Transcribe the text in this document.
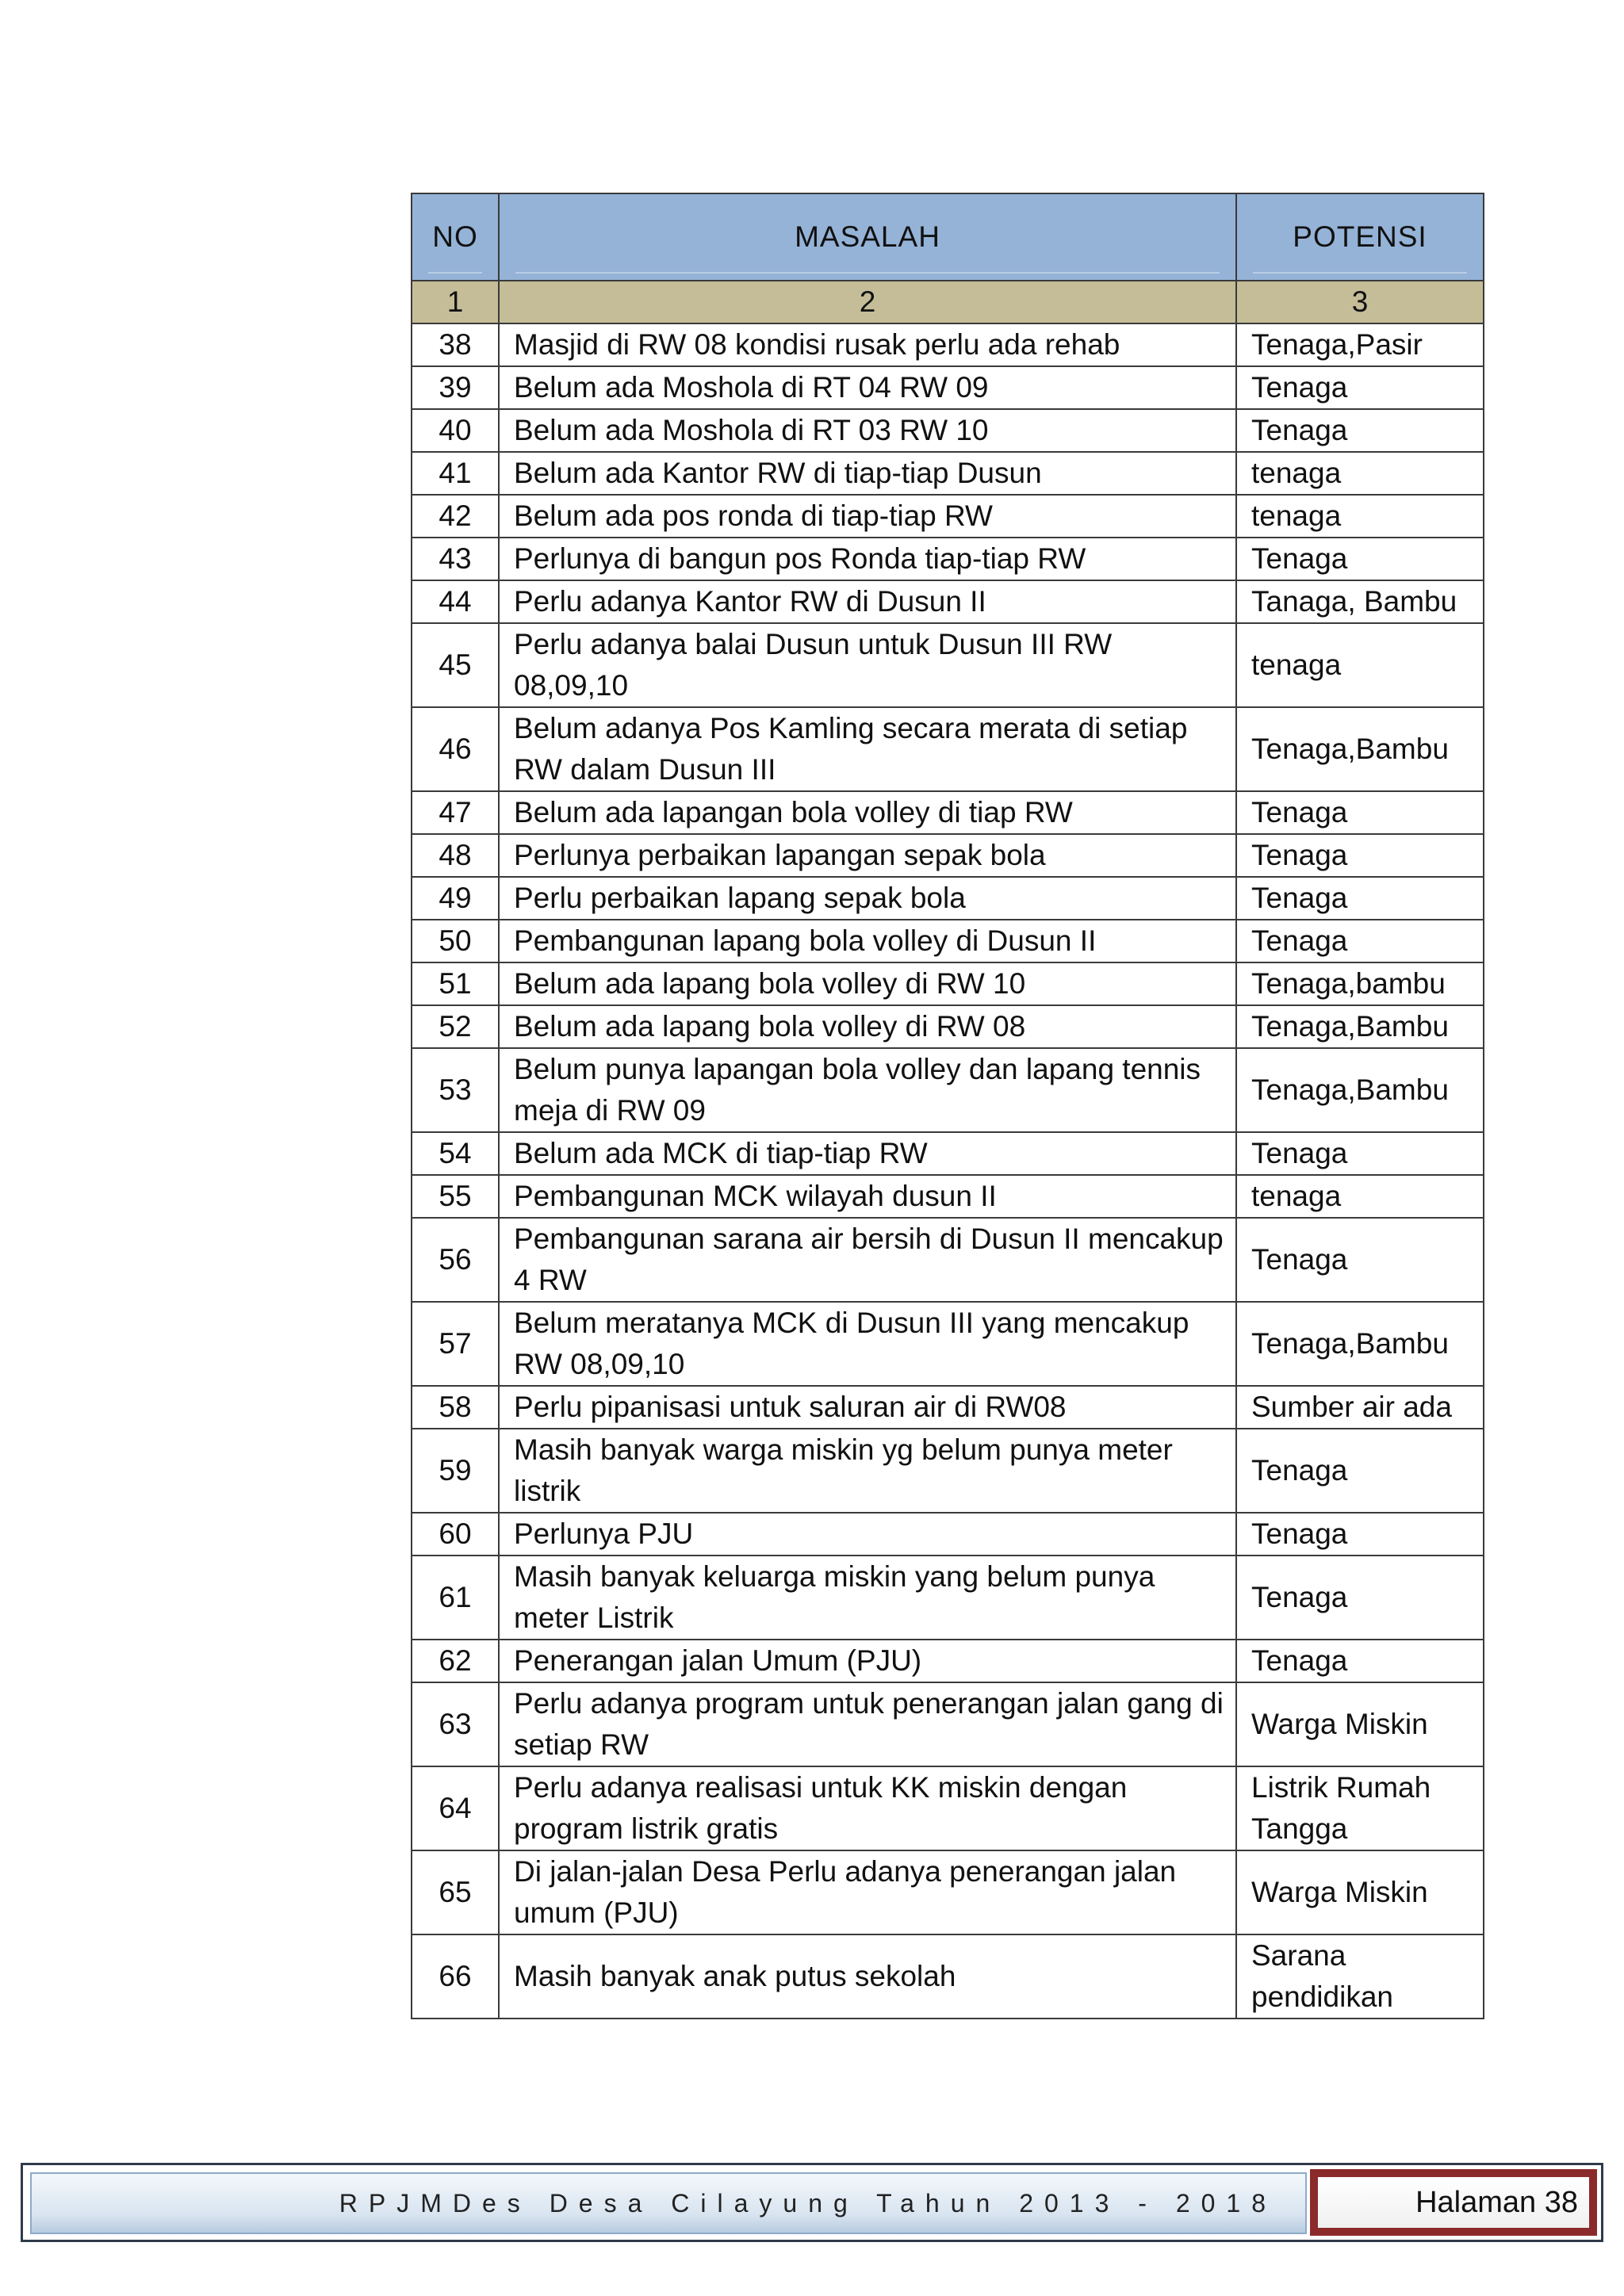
NO	MASALAH	POTENSI

1	2	3
38	Masjid di RW 08 kondisi rusak perlu ada rehab	Tenaga,Pasir
39	Belum ada Moshola di RT 04 RW 09	Tenaga
40	Belum ada Moshola di RT 03 RW 10	Tenaga
41	Belum ada Kantor RW di tiap-tiap Dusun	tenaga
42	Belum ada pos ronda di tiap-tiap RW	tenaga
43	Perlunya di bangun pos Ronda tiap-tiap RW	Tenaga
44	Perlu adanya Kantor RW di Dusun II	Tanaga, Bambu
45	Perlu adanya balai Dusun untuk Dusun III RW 08,09,10	tenaga
46	Belum adanya Pos Kamling secara merata di setiap RW dalam Dusun III	Tenaga,Bambu
47	Belum ada lapangan bola volley di tiap RW	Tenaga
48	Perlunya perbaikan lapangan sepak bola	Tenaga
49	Perlu perbaikan lapang sepak bola	Tenaga
50	Pembangunan lapang bola volley di Dusun II	Tenaga
51	Belum ada lapang bola volley di RW 10	Tenaga,bambu
52	Belum ada lapang bola volley di RW 08	Tenaga,Bambu
53	Belum punya lapangan bola volley dan lapang tennis meja di RW 09	Tenaga,Bambu
54	Belum ada MCK di tiap-tiap RW	Tenaga
55	Pembangunan MCK wilayah dusun II	tenaga
56	Pembangunan sarana air bersih di Dusun II mencakup 4 RW	Tenaga
57	Belum meratanya MCK di Dusun III yang mencakup RW 08,09,10	Tenaga,Bambu
58	Perlu pipanisasi untuk saluran air di RW08	Sumber air ada
59	Masih banyak warga miskin yg belum punya meter listrik	Tenaga
60	Perlunya PJU	Tenaga
61	Masih banyak keluarga miskin yang belum punya meter Listrik	Tenaga
62	Penerangan jalan Umum (PJU)	Tenaga
63	Perlu adanya program untuk penerangan jalan gang di setiap RW	Warga Miskin
64	Perlu adanya realisasi untuk KK miskin dengan program listrik gratis	Listrik Rumah Tangga
65	Di jalan-jalan Desa Perlu adanya penerangan jalan umum (PJU)	Warga Miskin
66	Masih banyak anak putus sekolah	Sarana pendidikan
RPJMDes Desa Cilayung Tahun 2013 - 2018	Halaman 38
